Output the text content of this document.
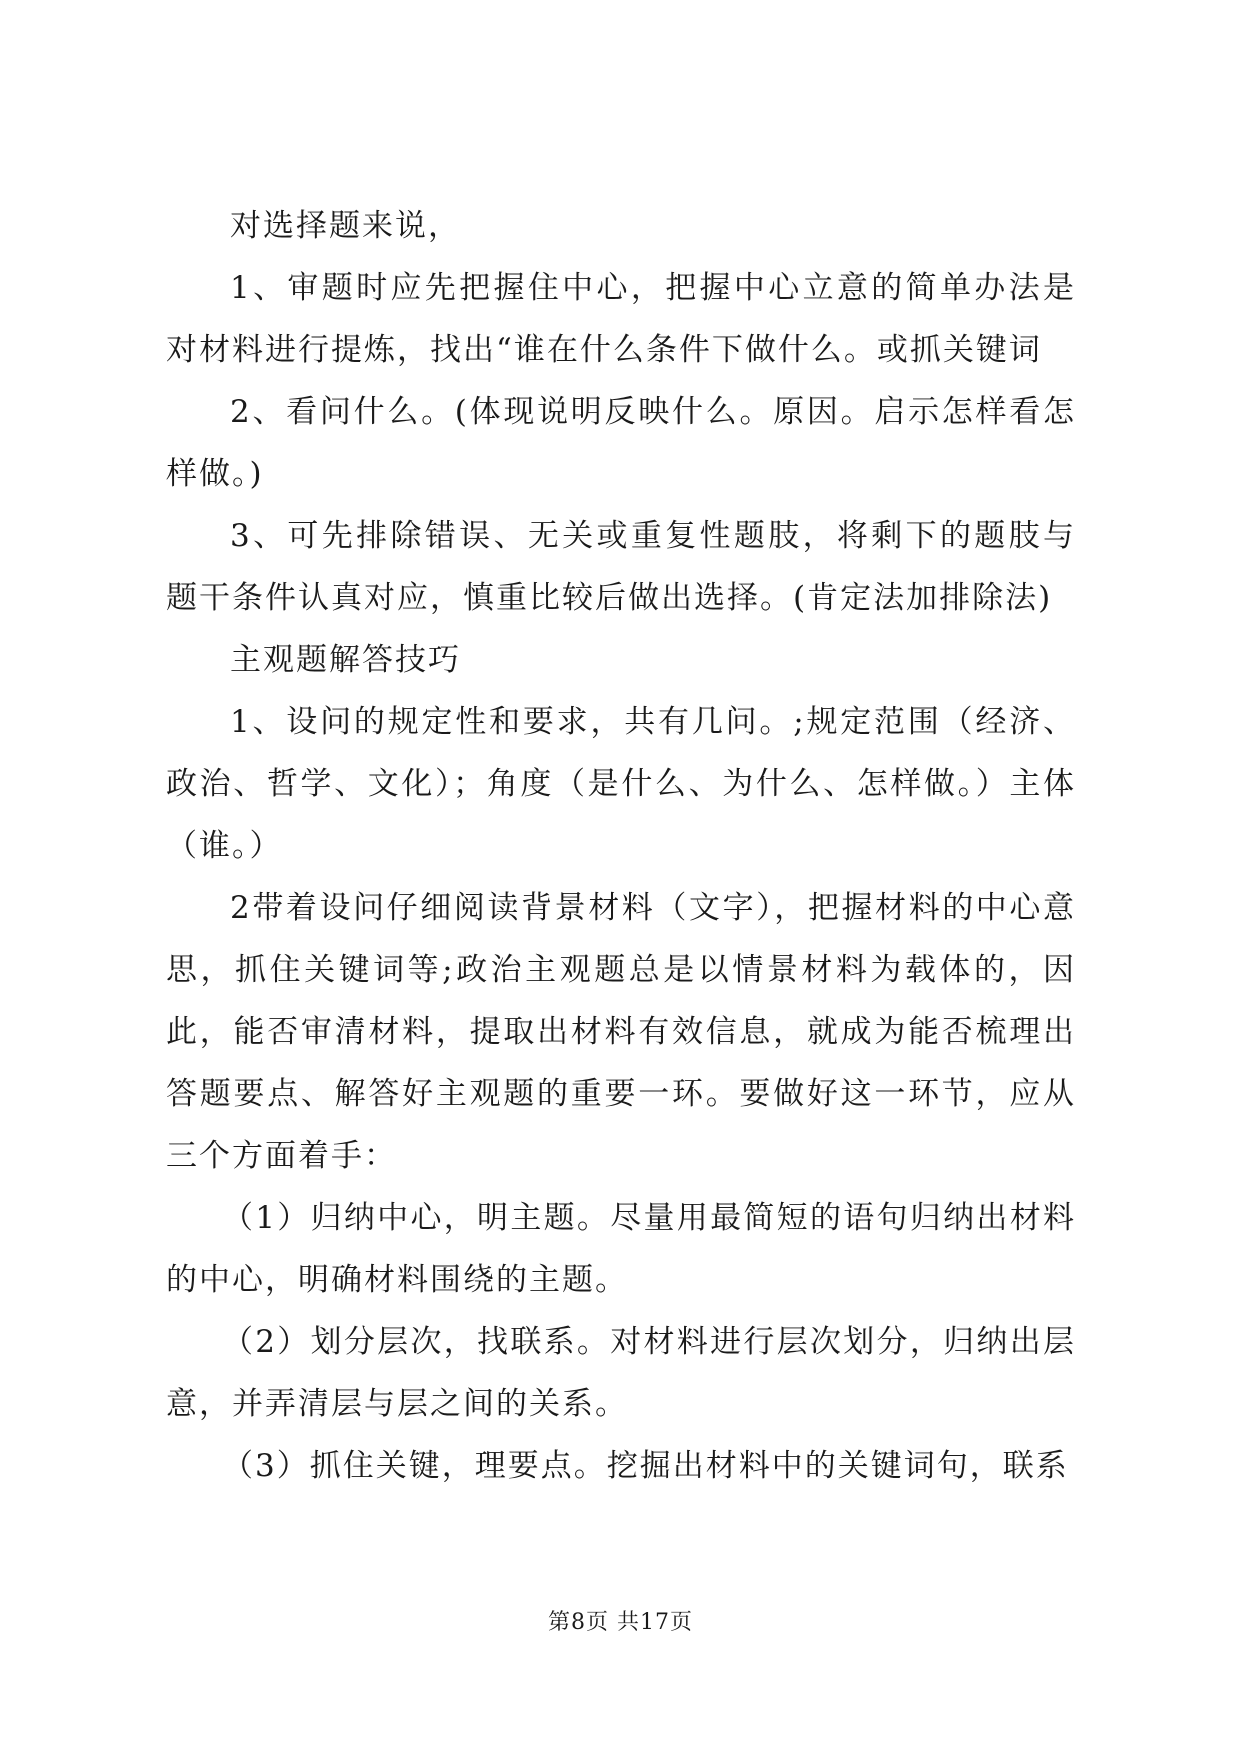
对选择题来说，

1、审题时应先把握住中心，把握中心立意的简单办法是对材料进行提炼，找出“谁在什么条件下做什么。或抓关键词

2、看问什么。(体现说明反映什么。原因。启示怎样看怎样做。)

3、可先排除错误、无关或重复性题肢，将剩下的题肢与题干条件认真对应，慎重比较后做出选择。(肯定法加排除法)

主观题解答技巧

1、设问的规定性和要求，共有几问。;规定范围（经济、政治、哲学、文化）；角度（是什么、为什么、怎样做。）主体（谁。）

2带着设问仔细阅读背景材料（文字），把握材料的中心意思，抓住关键词等;政治主观题总是以情景材料为载体的，因此，能否审清材料，提取出材料有效信息，就成为能否梳理出答题要点、解答好主观题的重要一环。要做好这一环节，应从三个方面着手：

（1）归纳中心，明主题。尽量用最简短的语句归纳出材料的中心，明确材料围绕的主题。

（2）划分层次，找联系。对材料进行层次划分，归纳出层意，并弄清层与层之间的关系。

（3）抓住关键，理要点。挖掘出材料中的关键词句，联系

第8页 共17页
